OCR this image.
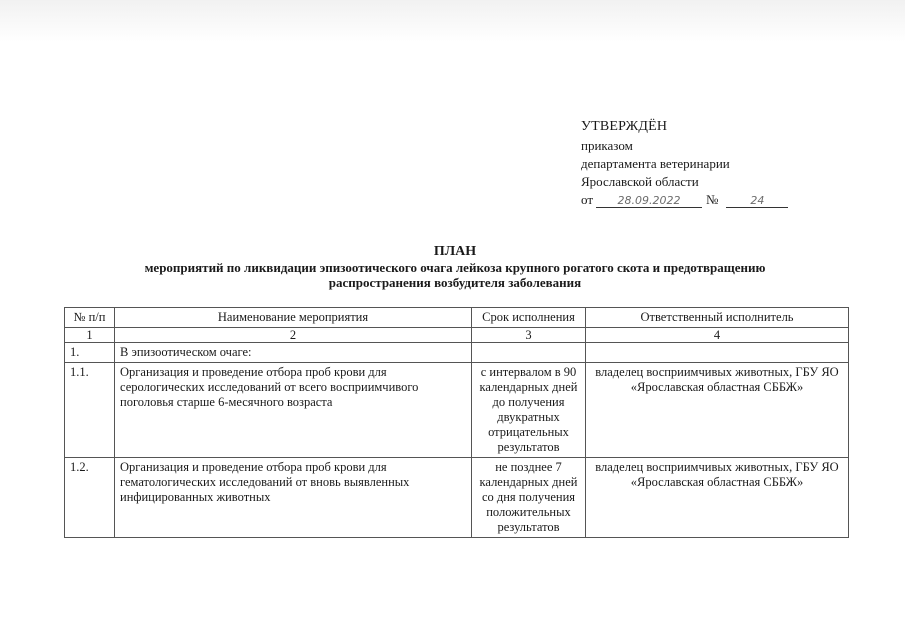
УТВЕРЖДЁН
приказом
департамента ветеринарии
Ярославской области
от 28.09.2022 №	24
ПЛАН
мероприятий по ликвидации эпизоотического очага лейкоза крупного рогатого скота и предотвращению
распространения возбудителя заболевания
№ п/п	Наименование мероприятия	Срок исполнения	Ответственный исполнитель
1	2	3	4
1.	В эпизоотическом очаге:		
1.1.	Организация и проведение отбора проб крови для серологических исследований от всего восприимчивого поголовья старше 6-месячного возраста	с интервалом в 90 календарных дней до получения двукратных отрицательных результатов	владелец восприимчивых животных, ГБУ ЯО «Ярославская областная СББЖ»
1.2.	Организация и проведение отбора проб крови для гематологических исследований от вновь выявленных инфицированных животных	не позднее 7 календарных дней со дня получения положительных результатов	владелец восприимчивых животных, ГБУ ЯО «Ярославская областная СББЖ»
